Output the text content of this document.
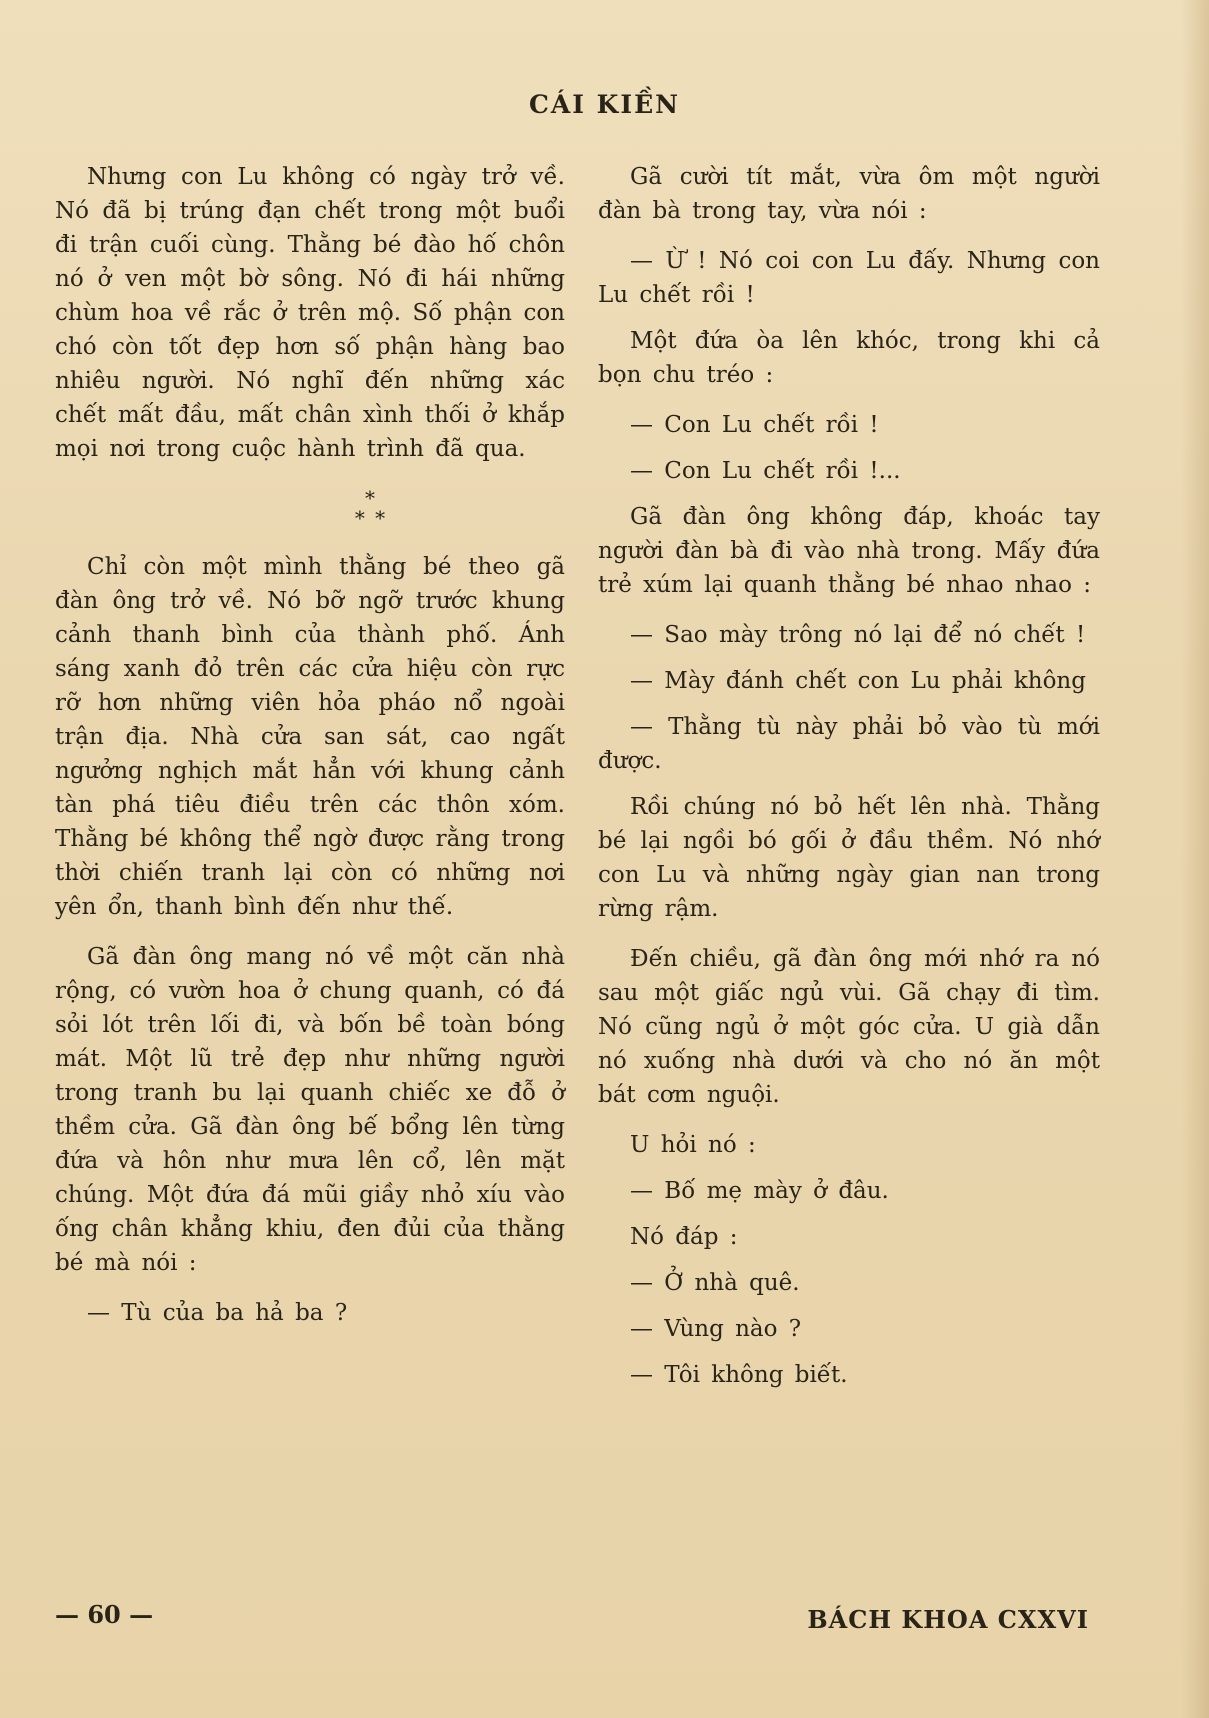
CÁI KIỀN

Nhưng con Lu không có ngày trở về. Nó đã bị trúng đạn chết trong một buổi đi trận cuối cùng. Thằng bé đào hố chôn nó ở ven một bờ sông. Nó đi hái những chùm hoa về rắc ở trên mộ. Số phận con chó còn tốt đẹp hơn số phận hàng bao nhiêu người. Nó nghĩ đến những xác chết mất đầu, mất chân xình thối ở khắp mọi nơi trong cuộc hành trình đã qua.

*
* *

Chỉ còn một mình thằng bé theo gã đàn ông trở về. Nó bỡ ngỡ trước khung cảnh thanh bình của thành phố. Ánh sáng xanh đỏ trên các cửa hiệu còn rực rỡ hơn những viên hỏa pháo nổ ngoài trận địa. Nhà cửa san sát, cao ngất ngưởng nghịch mắt hẳn với khung cảnh tàn phá tiêu điều trên các thôn xóm. Thằng bé không thể ngờ được rằng trong thời chiến tranh lại còn có những nơi yên ổn, thanh bình đến như thế.

Gã đàn ông mang nó về một căn nhà rộng, có vườn hoa ở chung quanh, có đá sỏi lót trên lối đi, và bốn bề toàn bóng mát. Một lũ trẻ đẹp như những người trong tranh bu lại quanh chiếc xe đỗ ở thềm cửa. Gã đàn ông bế bổng lên từng đứa và hôn như mưa lên cổ, lên mặt chúng. Một đứa đá mũi giầy nhỏ xíu vào ống chân khẳng khiu, đen đủi của thằng bé mà nói :

— Tù của ba hả ba ?

Gã cười tít mắt, vừa ôm một người đàn bà trong tay, vừa nói :

— Ừ ! Nó coi con Lu đấy. Nhưng con Lu chết rồi !

Một đứa òa lên khóc, trong khi cả bọn chu tréo :

— Con Lu chết rồi !

— Con Lu chết rồi !...

Gã đàn ông không đáp, khoác tay người đàn bà đi vào nhà trong. Mấy đứa trẻ xúm lại quanh thằng bé nhao nhao :

— Sao mày trông nó lại để nó chết !

— Mày đánh chết con Lu phải không

— Thằng tù này phải bỏ vào tù mới được.

Rồi chúng nó bỏ hết lên nhà. Thằng bé lại ngồi bó gối ở đầu thềm. Nó nhớ con Lu và những ngày gian nan trong rừng rậm.

Đến chiều, gã đàn ông mới nhớ ra nó sau một giấc ngủ vùi. Gã chạy đi tìm. Nó cũng ngủ ở một góc cửa. U già dẫn nó xuống nhà dưới và cho nó ăn một bát cơm nguội.

U hỏi nó :

— Bố mẹ mày ở đâu.

Nó đáp :

— Ở nhà quê.

— Vùng nào ?

— Tôi không biết.

— 60 —	BÁCH KHOA CXXVI
